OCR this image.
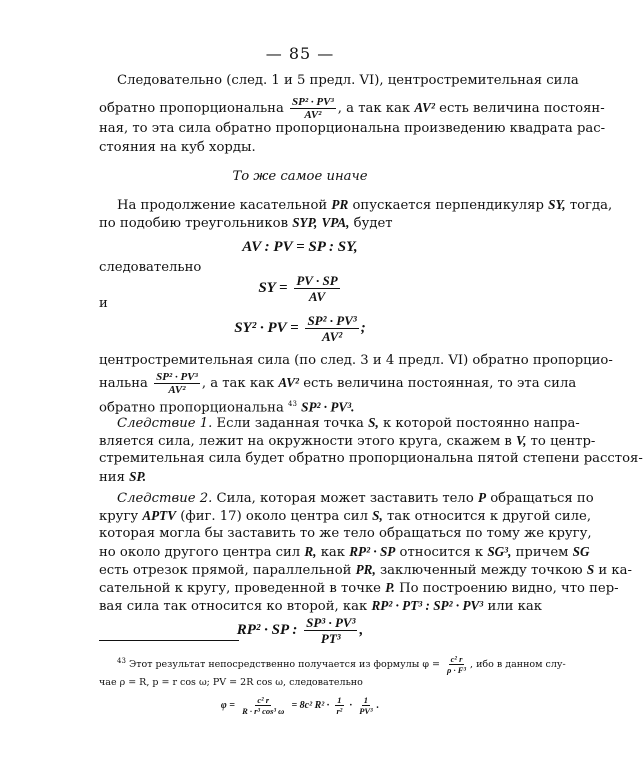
— 85 —
Следовательно (след. 1 и 5 предл. VI), центростремительная сила
обратно пропорциональна $\frac{\text{SP² · PV³}}{\text{AV²}}$ , а так как AV² есть величина постоян-
ная, то эта сила обратно пропорциональна произведению квадрата рас-
стояния на куб хорды.
То же самое иначе
На продолжение касательной PR опускается перпендикуляр SY, тогда,
по подобию треугольников SYP, VPA, будет
AV : PV = SP : SY,
следовательно
SY = $\frac{PV \cdot SP}{AV}$
и
SY² · PV = $\frac{\text{SP² · PV³}}{\text{AV²}}$ ;
центростремительная сила (по след. 3 и 4 предл. VI) обратно пропорцио-
нальна $\frac{\text{SP² · PV³}}{\text{AV²}}$ , а так как AV² есть величина постоянная, то эта сила
обратно пропорциональна $^{43}$ SP² · PV³.
Следствие 1. Если заданная точка S, к которой постоянно напра-
вляется сила, лежит на окружности этого круга, скажем в V, то центр-
стремительная сила будет обратно пропорциональна пятой степени расстоя-
ния SP.
Следствие 2. Сила, которая может заставить тело P обращаться по
кругу APTV (фиг. 17) около центра сил S, так относится к другой силе,
которая могла бы заставить то же тело обращаться по тому же кругу,
но около другого центра сил R, как RP² · SP относится к SG³, причем SG
есть отрезок прямой, параллельной PR, заключенный между точкою S и ка-
сательной к кругу, проведенной в точке P. По построению видно, что пер-
вая сила так относится ко второй, как RP² · PT³ : SP² · PV³ или как
RP² · SP : $\frac{\text{SP³ · PV³}}{\text{PT³}}$ ,
$^{43}$ Этот результат непосредственно получается из формулы $\varphi = \frac{\text{c² r}}{\text{ρ · F³}}$ , ибо в данном слу-
чае ρ = R, p = r cos ω; PV = 2R cos ω, следовательно
$\varphi = \frac{\text{c² r}}{\text{R · r³ cos³ ω}} = 8c^2$ $R^2 \cdot \frac{1}{\text{r²}} \cdot \frac{1}{\text{PV³}}$ .
